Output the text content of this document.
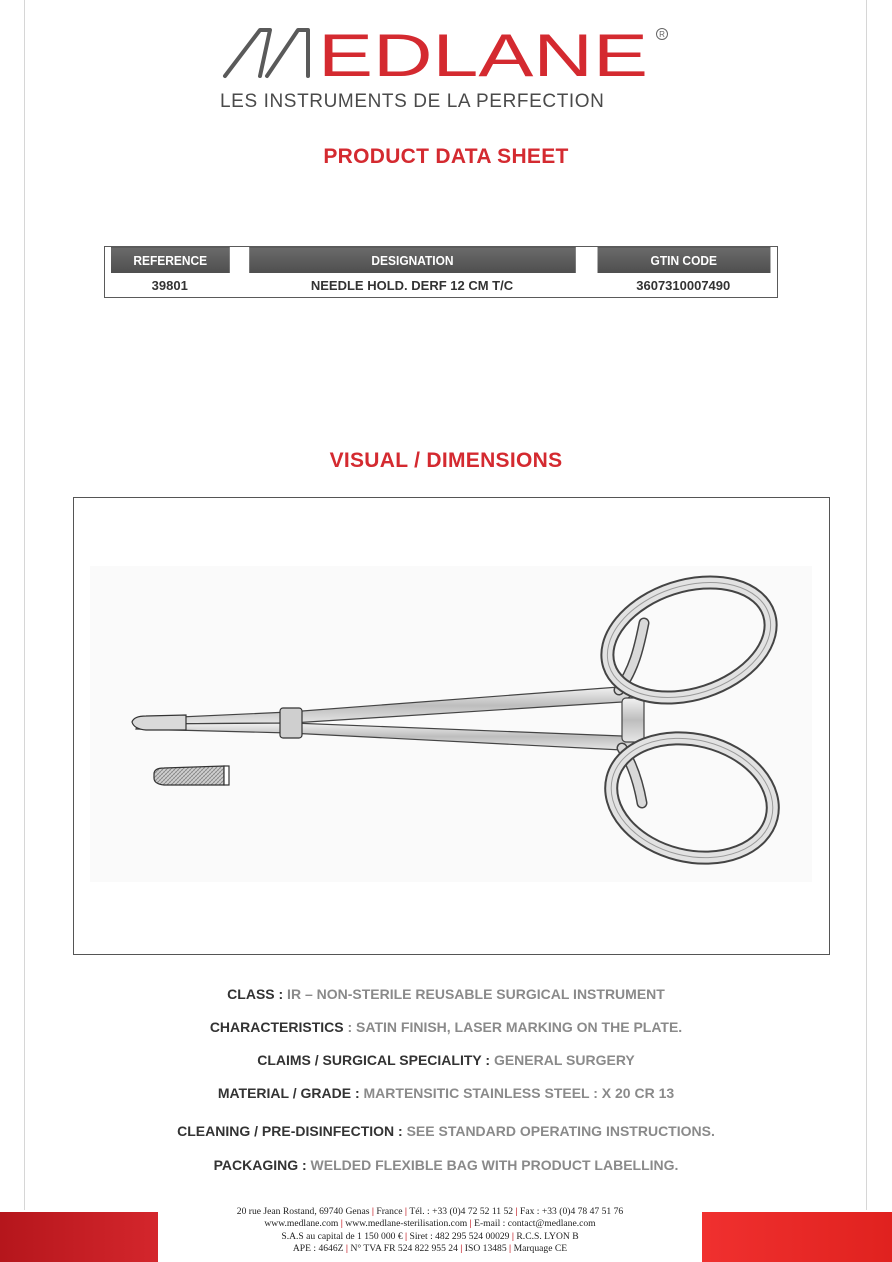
EDLANE R
LES INSTRUMENTS DE LA PERFECTION
PRODUCT DATA SHEET
REFERENCE	DESIGNATION	GTIN CODE
39801	NEEDLE HOLD. DERF 12 CM T/C	3607310007490
VISUAL / DIMENSIONS
CLASS : IR – NON-STERILE REUSABLE SURGICAL INSTRUMENT
CHARACTERISTICS : SATIN FINISH, LASER MARKING ON THE PLATE.
CLAIMS / SURGICAL SPECIALITY : GENERAL SURGERY
MATERIAL / GRADE : MARTENSITIC STAINLESS STEEL : X 20 CR 13
CLEANING / PRE-DISINFECTION : SEE STANDARD OPERATING INSTRUCTIONS.
PACKAGING : WELDED FLEXIBLE BAG WITH PRODUCT LABELLING.
20 rue Jean Rostand, 69740 Genas | France | Tél. : +33 (0)4 72 52 11 52 | Fax : +33 (0)4 78 47 51 76
www.medlane.com | www.medlane-sterilisation.com | E-mail : contact@medlane.com
S.A.S au capital de 1 150 000 € | Siret : 482 295 524 00029 | R.C.S. LYON B
APE : 4646Z | N° TVA FR 524 822 955 24 | ISO 13485 | Marquage CE
